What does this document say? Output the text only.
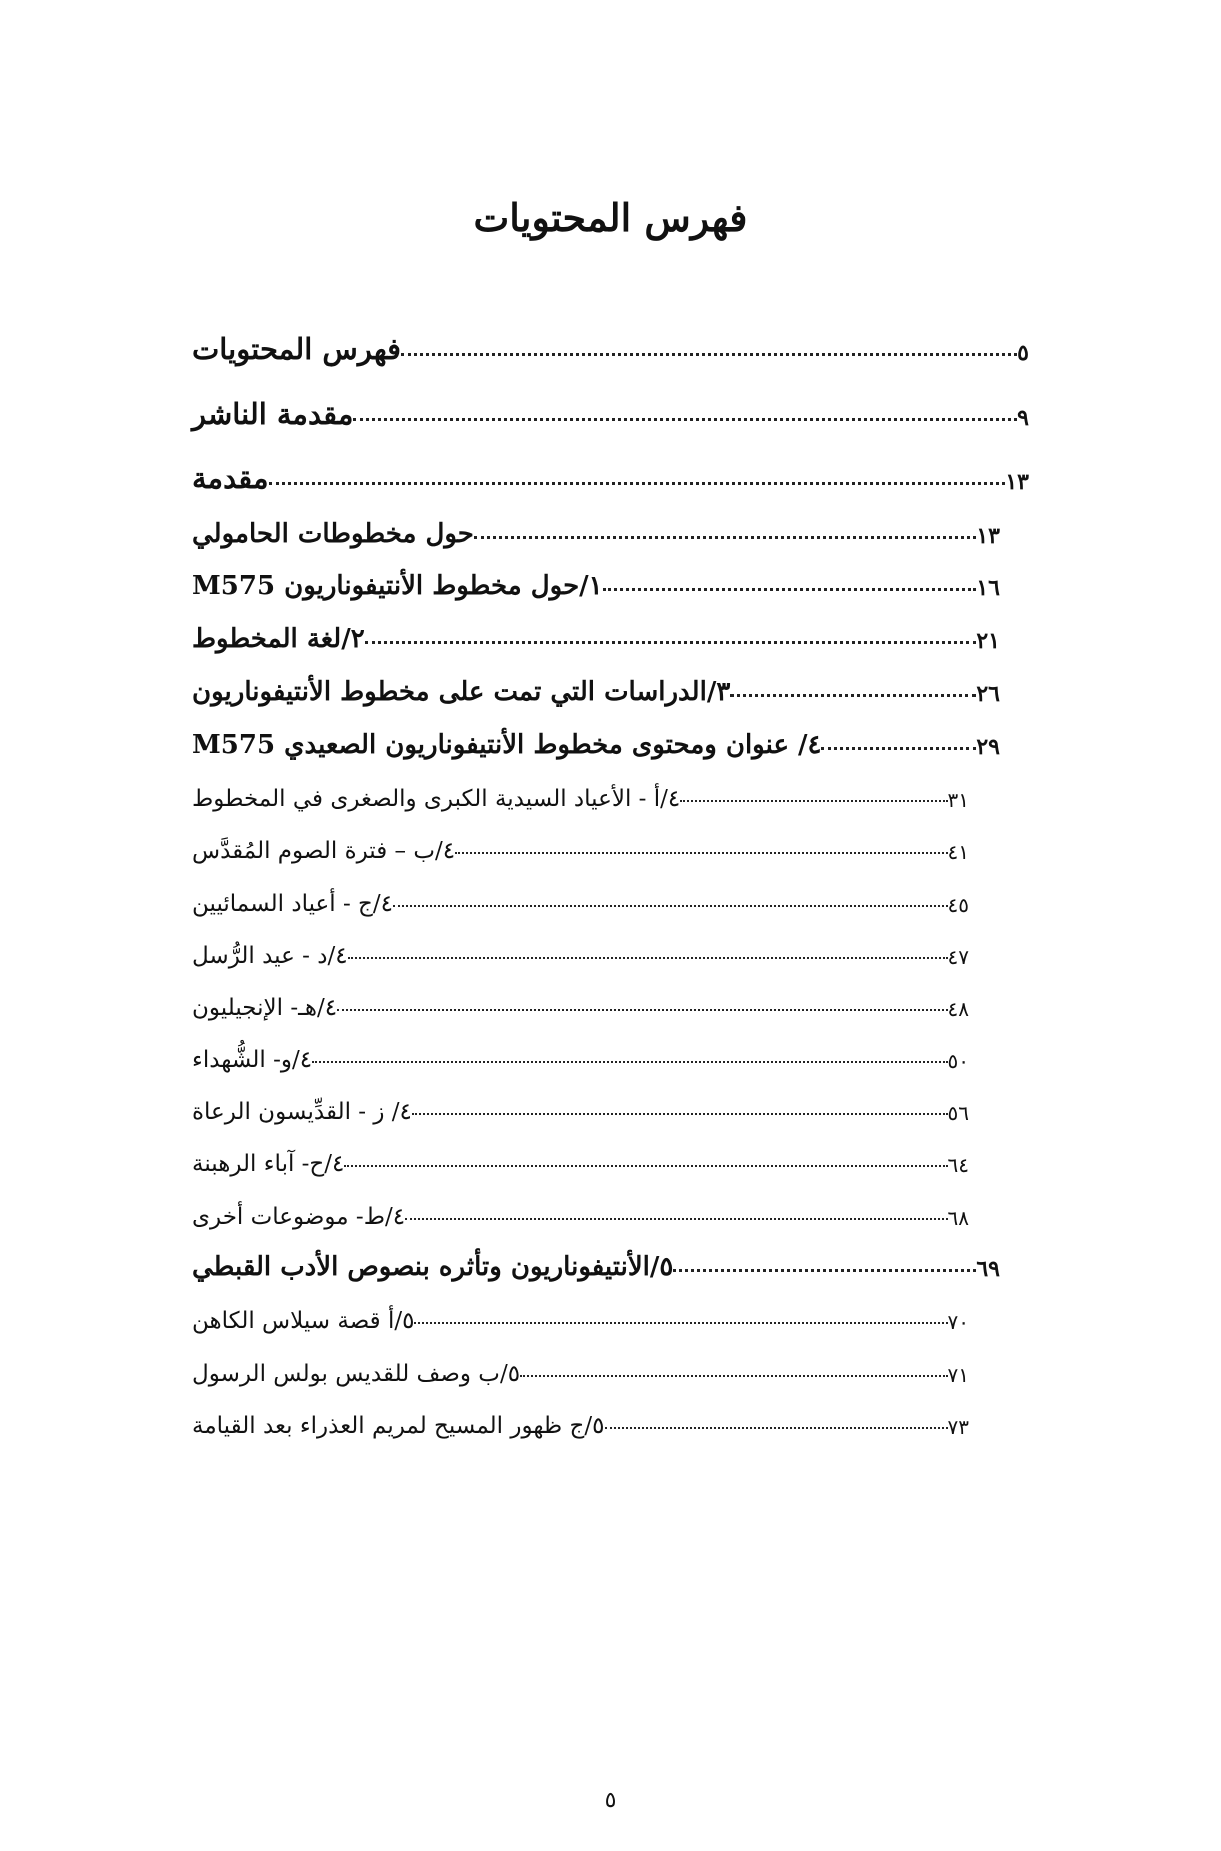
فهرس المحتويات
فهرس المحتويات	٥
مقدمة الناشر	٩
مقدمة	١٣
حول مخطوطات الحامولي	١٣
١/حول مخطوط الأنتيفوناريون M575	١٦
٢/لغة المخطوط	٢١
٣/الدراسات التي تمت على مخطوط الأنتيفوناريون	٢٦
٤/ عنوان ومحتوى مخطوط الأنتيفوناريون الصعيدي M575	٢٩
٤/أ - الأعياد السيدية الكبرى والصغرى في المخطوط	٣١
٤/ب – فترة الصوم المُقدَّس	٤١
٤/ج - أعياد السمائيين	٤٥
٤/د - عيد الرُّسل	٤٧
٤/هـ- الإنجيليون	٤٨
٤/و- الشُّهداء	٥٠
٤/ ز - القدِّيسون الرعاة	٥٦
٤/ح- آباء الرهبنة	٦٤
٤/ط- موضوعات أخرى	٦٨
٥/الأنتيفوناريون وتأثره بنصوص الأدب القبطي	٦٩
٥/أ قصة سيلاس الكاهن	٧٠
٥/ب وصف للقديس بولس الرسول	٧١
٥/ج ظهور المسيح لمريم العذراء بعد القيامة	٧٣
٥
